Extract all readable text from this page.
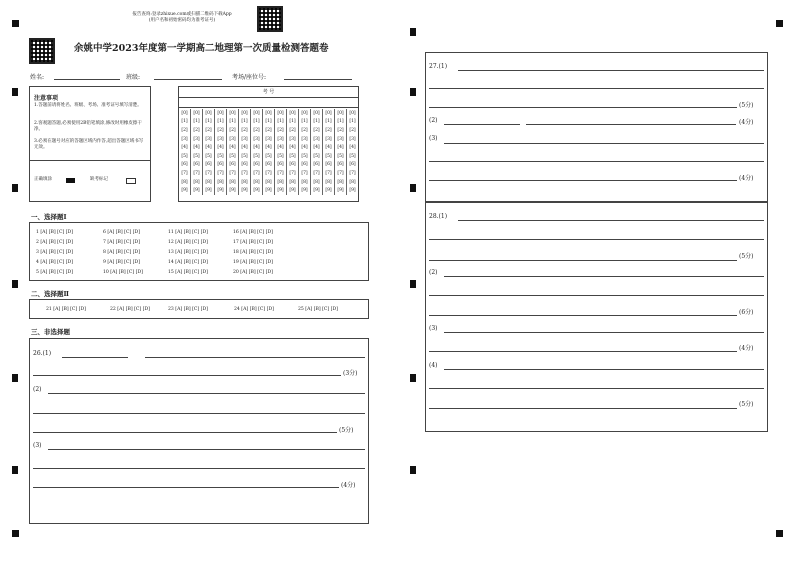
报告查询:登录zhixue.com或扫描二维码下载App
(用户名和初始密码均为准考证号)
余姚中学2023年度第一学期高二地理第一次质量检测答题卷
姓名:	班级:	考场/座位号:
注意事项
1.答题前请将姓名、班级、考场、准考证号填写清楚。
2.客观题答题,必须使用2B铅笔填涂,修改时用橡皮擦干净。
3.必须在题号对应的答题区域内作答,超出答题区域书写无效。
正确填涂	缺考标记
考 号
[0]	[0]	[0]	[0]	[0]	[0]	[0]	[0]	[0]	[0]	[0]	[0]	[0]	[0]	[0]
[1]	[1]	[1]	[1]	[1]	[1]	[1]	[1]	[1]	[1]	[1]	[1]	[1]	[1]	[1]
[2]	[2]	[2]	[2]	[2]	[2]	[2]	[2]	[2]	[2]	[2]	[2]	[2]	[2]	[2]
[3]	[3]	[3]	[3]	[3]	[3]	[3]	[3]	[3]	[3]	[3]	[3]	[3]	[3]	[3]
[4]	[4]	[4]	[4]	[4]	[4]	[4]	[4]	[4]	[4]	[4]	[4]	[4]	[4]	[4]
[5]	[5]	[5]	[5]	[5]	[5]	[5]	[5]	[5]	[5]	[5]	[5]	[5]	[5]	[5]
[6]	[6]	[6]	[6]	[6]	[6]	[6]	[6]	[6]	[6]	[6]	[6]	[6]	[6]	[6]
[7]	[7]	[7]	[7]	[7]	[7]	[7]	[7]	[7]	[7]	[7]	[7]	[7]	[7]	[7]
[8]	[8]	[8]	[8]	[8]	[8]	[8]	[8]	[8]	[8]	[8]	[8]	[8]	[8]	[8]
[9]	[9]	[9]	[9]	[9]	[9]	[9]	[9]	[9]	[9]	[9]	[9]	[9]	[9]	[9]
一、选择题Ⅰ
1 [A] [B] [C] [D]	6 [A] [B] [C] [D]	11 [A] [B] [C] [D]	16 [A] [B] [C] [D]
2 [A] [B] [C] [D]	7 [A] [B] [C] [D]	12 [A] [B] [C] [D]	17 [A] [B] [C] [D]
3 [A] [B] [C] [D]	8 [A] [B] [C] [D]	13 [A] [B] [C] [D]	18 [A] [B] [C] [D]
4 [A] [B] [C] [D]	9 [A] [B] [C] [D]	14 [A] [B] [C] [D]	19 [A] [B] [C] [D]
5 [A] [B] [C] [D]	10 [A] [B] [C] [D]	15 [A] [B] [C] [D]	20 [A] [B] [C] [D]
二、选择题Ⅱ
21 [A] [B] [C] [D]	22 [A] [B] [C] [D]	23 [A] [B] [C] [D]	24 [A] [B] [C] [D]	25 [A] [B] [C] [D]
三、非选择题
26.(1)
(3分)
(2)
(5分)
(3)
(4分)
27.(1)
(5分)
(2)	(4分)
(3)
(4分)
28.(1)
(5分)
(2)
(6分)
(3)
(4分)
(4)
(5分)
